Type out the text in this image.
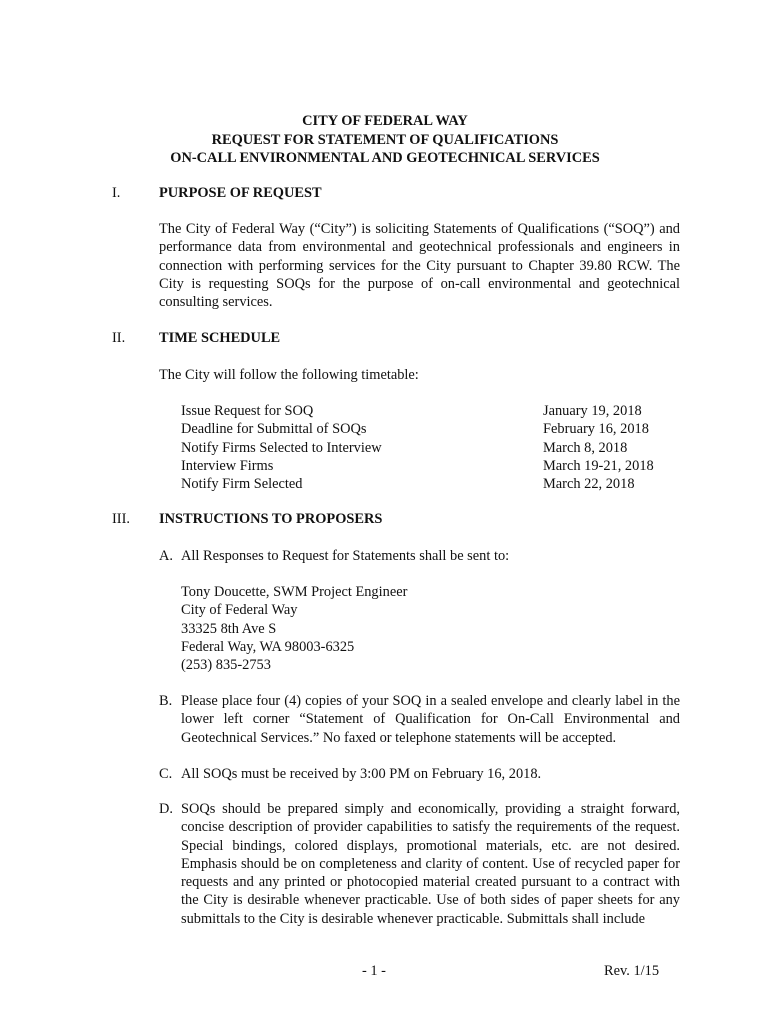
CITY OF FEDERAL WAY
REQUEST FOR STATEMENT OF QUALIFICATIONS
ON-CALL ENVIRONMENTAL AND GEOTECHNICAL SERVICES
I.	PURPOSE OF REQUEST
The City of Federal Way (“City”) is soliciting Statements of Qualifications (“SOQ”) and performance data from environmental and geotechnical professionals and engineers in connection with performing services for the City pursuant to Chapter 39.80 RCW. The City is requesting SOQs for the purpose of on-call environmental and geotechnical consulting services.
II. TIME SCHEDULE
The City will follow the following timetable:
Issue Request for SOQ	January 19, 2018
Deadline for Submittal of SOQs	February 16, 2018
Notify Firms Selected to Interview	March 8, 2018
Interview Firms	March 19-21, 2018
Notify Firm Selected	March 22, 2018
III. INSTRUCTIONS TO PROPOSERS
A. All Responses to Request for Statements shall be sent to:
Tony Doucette, SWM Project Engineer
City of Federal Way
33325 8th Ave S
Federal Way, WA 98003-6325
(253) 835-2753
B. Please place four (4) copies of your SOQ in a sealed envelope and clearly label in the lower left corner “Statement of Qualification for On-Call Environmental and Geotechnical Services.” No faxed or telephone statements will be accepted.
C. All SOQs must be received by 3:00 PM on February 16, 2018.
D. SOQs should be prepared simply and economically, providing a straight forward, concise description of provider capabilities to satisfy the requirements of the request. Special bindings, colored displays, promotional materials, etc. are not desired. Emphasis should be on completeness and clarity of content. Use of recycled paper for requests and any printed or photocopied material created pursuant to a contract with the City is desirable whenever practicable. Use of both sides of paper sheets for any submittals to the City is desirable whenever practicable. Submittals shall include
- 1 -	Rev. 1/15
